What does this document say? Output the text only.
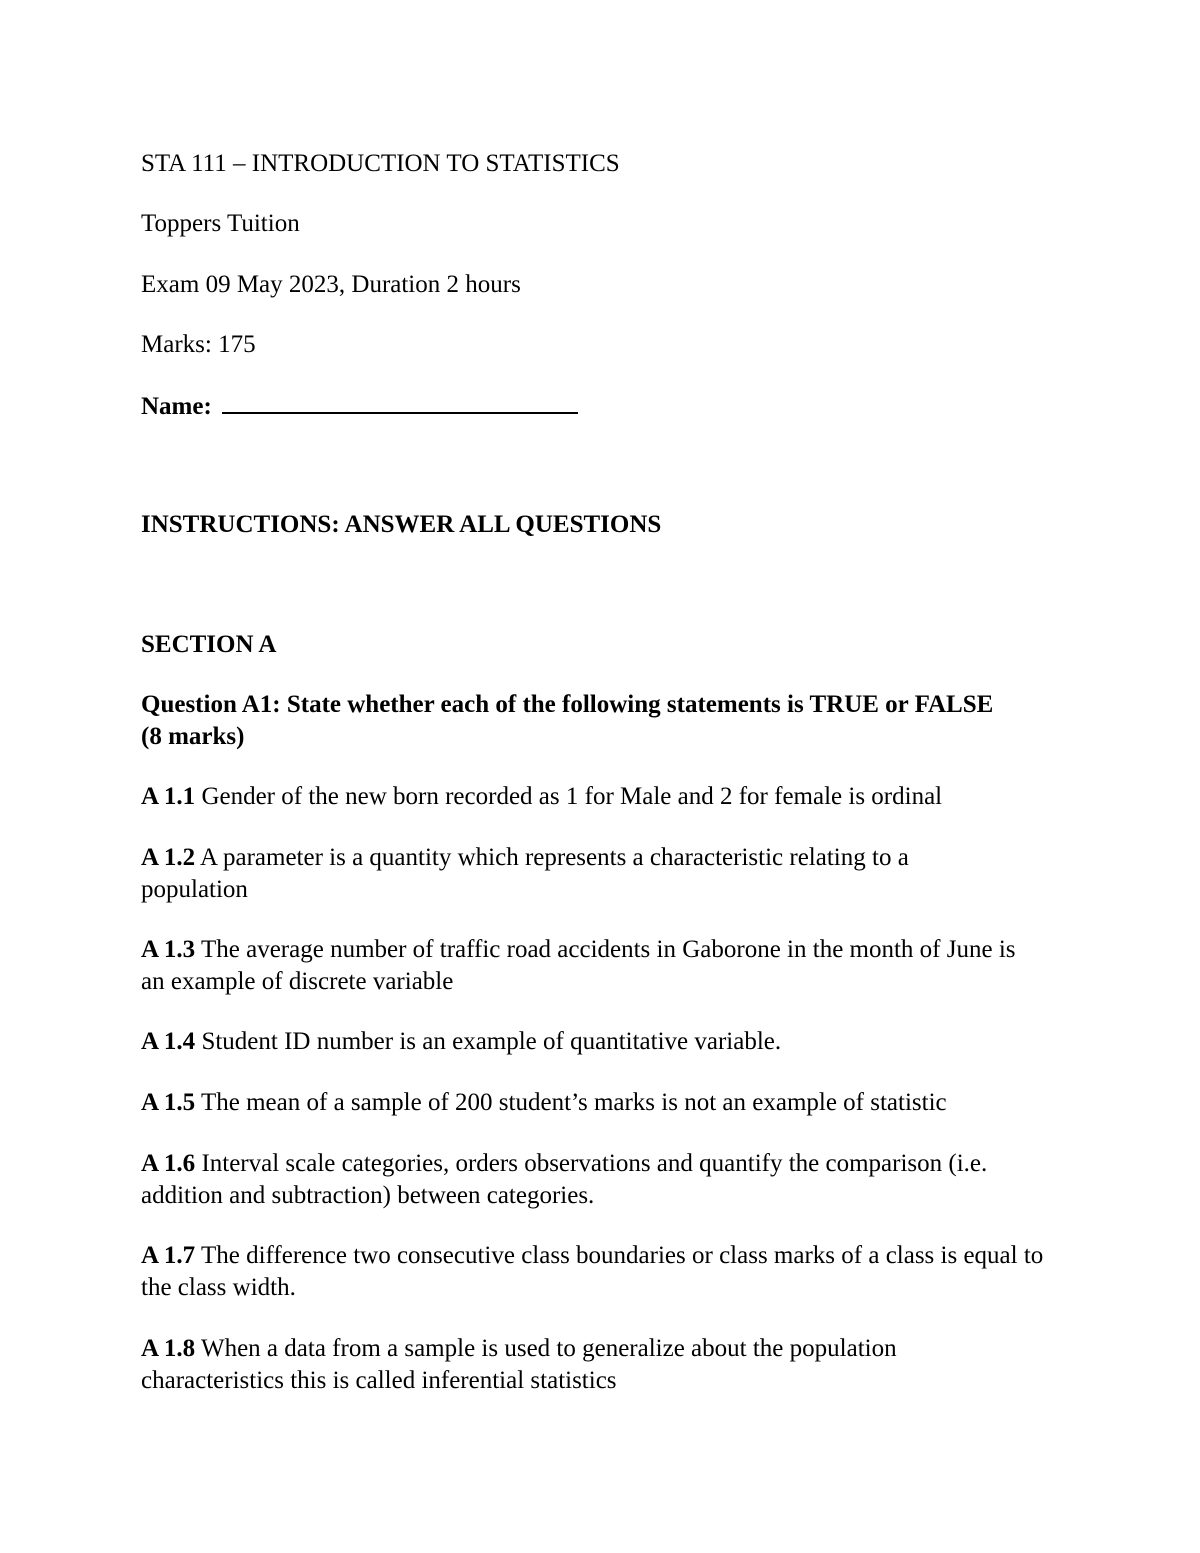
STA 111 – INTRODUCTION TO STATISTICS

Toppers Tuition

Exam 09 May 2023, Duration 2 hours

Marks: 175

Name:

INSTRUCTIONS: ANSWER ALL QUESTIONS

SECTION A

Question A1: State whether each of the following statements is TRUE or FALSE (8 marks)

A 1.1 Gender of the new born recorded as 1 for Male and 2 for female is ordinal

A 1.2 A parameter is a quantity which represents a characteristic relating to a population

A 1.3 The average number of traffic road accidents in Gaborone in the month of June is an example of discrete variable

A 1.4 Student ID number is an example of quantitative variable.

A 1.5 The mean of a sample of 200 student’s marks is not an example of statistic

A 1.6 Interval scale categories, orders observations and quantify the comparison (i.e. addition and subtraction) between categories.

A 1.7 The difference two consecutive class boundaries or class marks of a class is equal to the class width.

A 1.8 When a data from a sample is used to generalize about the population characteristics this is called inferential statistics
